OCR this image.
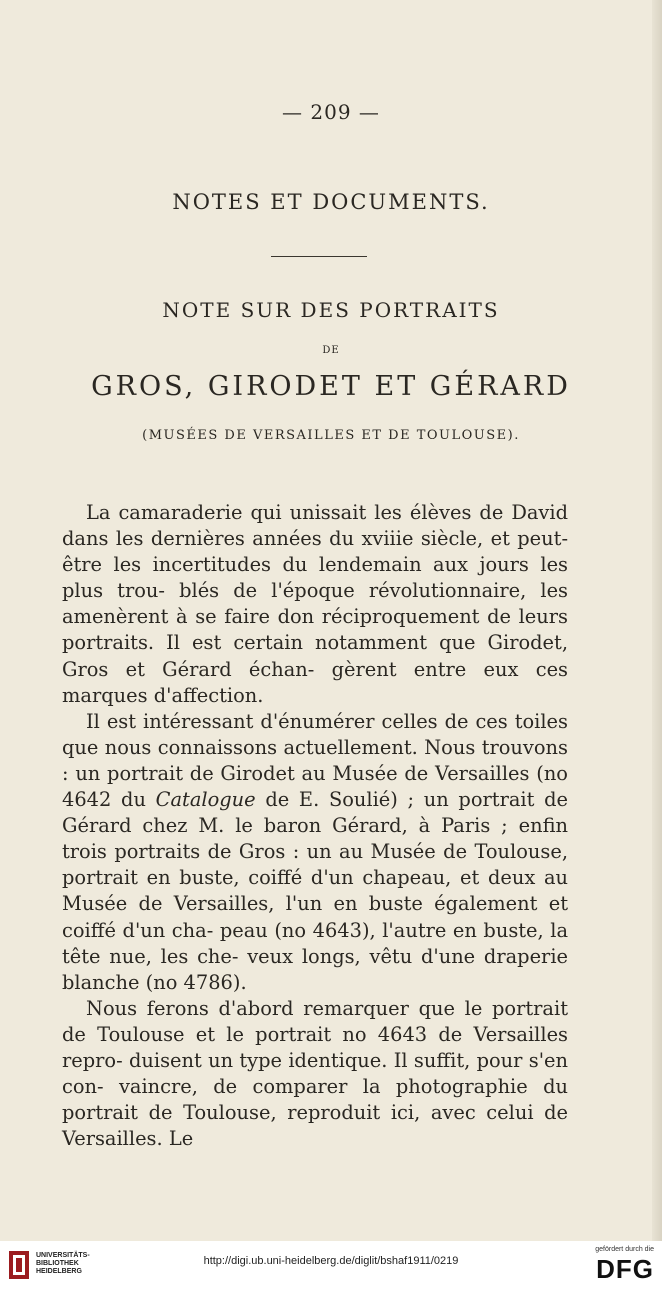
— 209 —
NOTES ET DOCUMENTS.
NOTE SUR DES PORTRAITS
DE
GROS, GIRODET ET GÉRARD
(MUSÉES DE VERSAILLES ET DE TOULOUSE).

La camaraderie qui unissait les élèves de David dans les dernières années du xviiie siècle, et peut-être les incertitudes du lendemain aux jours les plus trou- blés de l'époque révolutionnaire, les amenèrent à se faire don réciproquement de leurs portraits. Il est certain notamment que Girodet, Gros et Gérard échan- gèrent entre eux ces marques d'affection.

Il est intéressant d'énumérer celles de ces toiles que nous connaissons actuellement. Nous trouvons : un portrait de Girodet au Musée de Versailles (no 4642 du Catalogue de E. Soulié) ; un portrait de Gérard chez M. le baron Gérard, à Paris ; enfin trois portraits de Gros : un au Musée de Toulouse, portrait en buste, coiffé d'un chapeau, et deux au Musée de Versailles, l'un en buste également et coiffé d'un cha- peau (no 4643), l'autre en buste, la tête nue, les che- veux longs, vêtu d'une draperie blanche (no 4786).

Nous ferons d'abord remarquer que le portrait de Toulouse et le portrait no 4643 de Versailles repro- duisent un type identique. Il suffit, pour s'en con- vaincre, de comparer la photographie du portrait de Toulouse, reproduit ici, avec celui de Versailles. Le

UNIVERSITÄTS-
BIBLIOTHEK
HEIDELBERG
http://digi.ub.uni-heidelberg.de/diglit/bshaf1911/0219
gefördert durch die
DFG
